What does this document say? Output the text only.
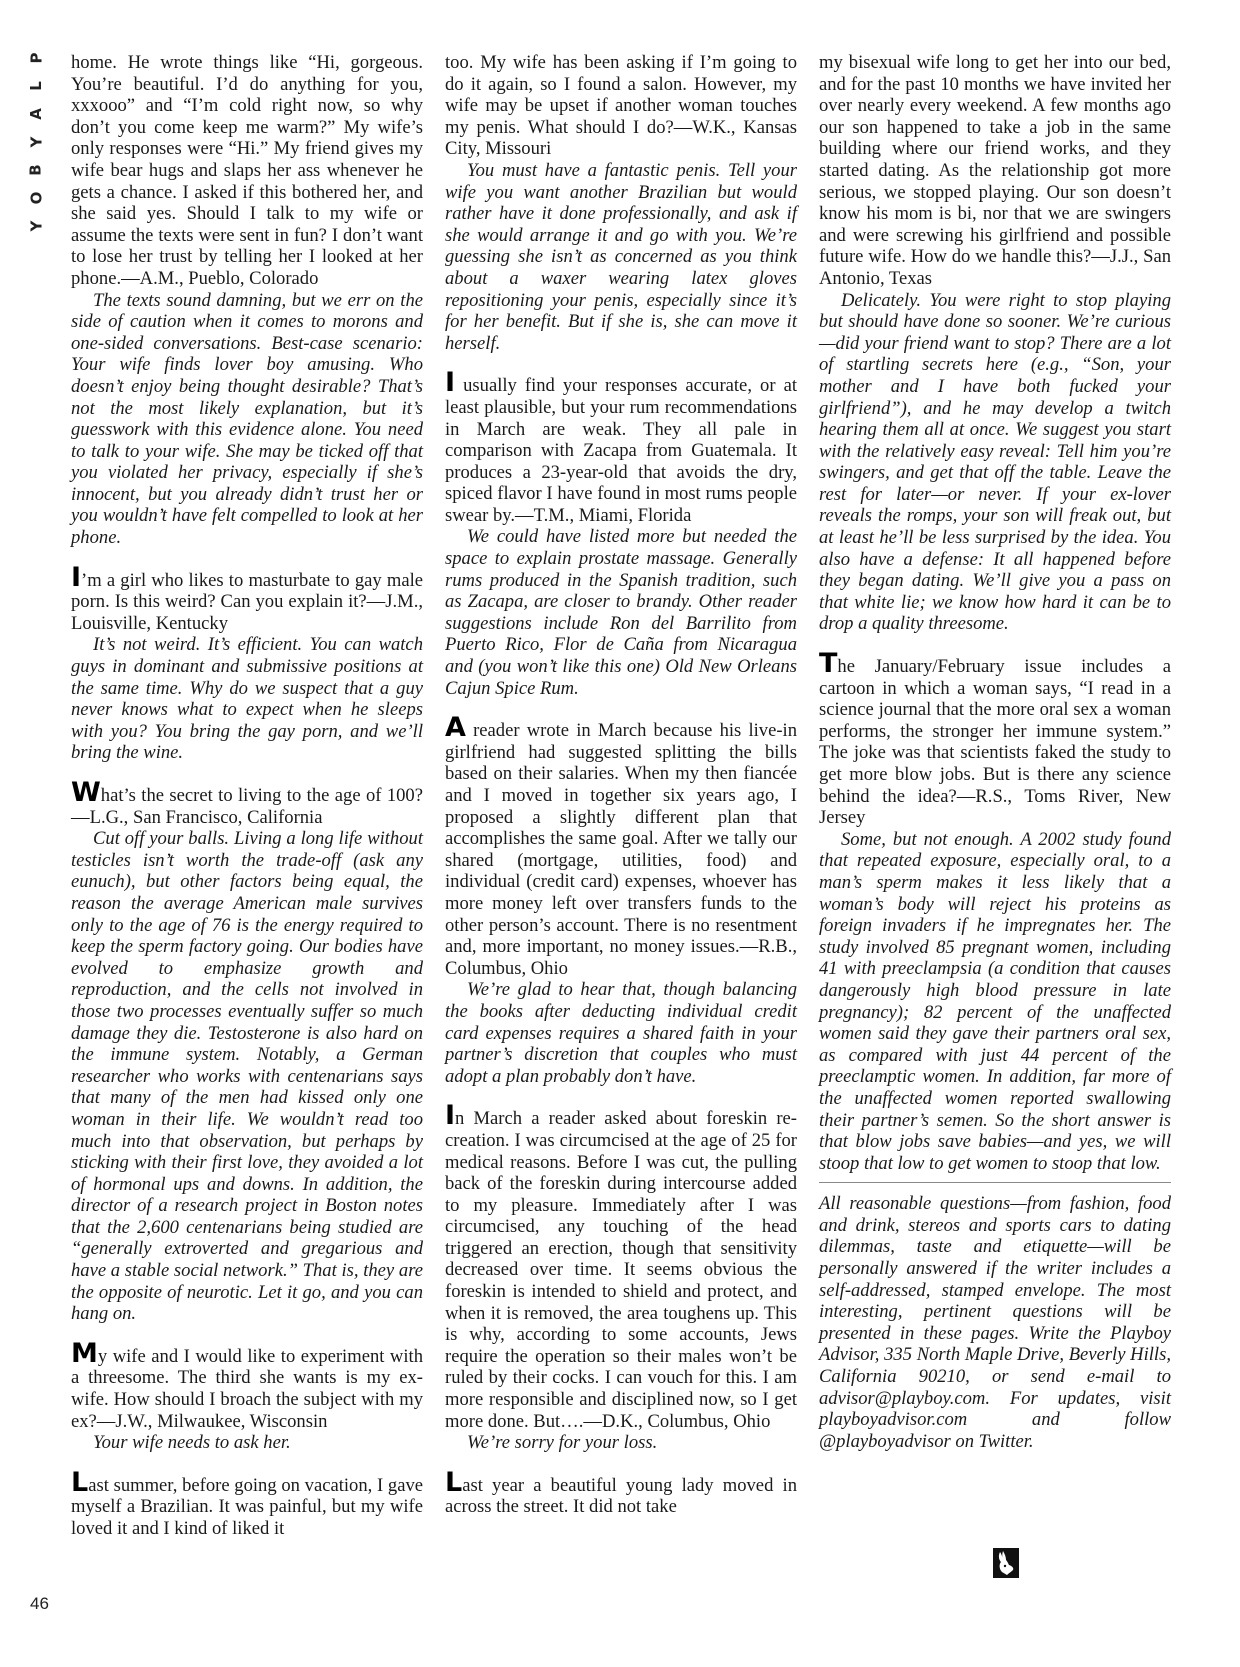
P
L
A
Y
B
O
Y

home. He wrote things like “Hi, gorgeous. You’re beautiful. I’d do anything for you, xxxooo” and “I’m cold right now, so why don’t you come keep me warm?” My wife’s only responses were “Hi.” My friend gives my wife bear hugs and slaps her ass whenever he gets a chance. I asked if this bothered her, and she said yes. Should I talk to my wife or assume the texts were sent in fun? I don’t want to lose her trust by telling her I looked at her phone.—A.M., Pueblo, Colorado

The texts sound damning, but we err on the side of caution when it comes to morons and one-sided conversations. Best-case scenario: Your wife finds lover boy amusing. Who doesn’t enjoy being thought desirable? That’s not the most likely explanation, but it’s guesswork with this evidence alone. You need to talk to your wife. She may be ticked off that you violated her privacy, especially if she’s innocent, but you already didn’t trust her or you wouldn’t have felt compelled to look at her phone.

I’m a girl who likes to masturbate to gay male porn. Is this weird? Can you explain it?—J.M., Louisville, Kentucky

It’s not weird. It’s efficient. You can watch guys in dominant and submissive positions at the same time. Why do we suspect that a guy never knows what to expect when he sleeps with you? You bring the gay porn, and we’ll bring the wine.

What’s the secret to living to the age of 100?—L.G., San Francisco, California

Cut off your balls. Living a long life without testicles isn’t worth the trade-off (ask any eunuch), but other factors being equal, the reason the average American male survives only to the age of 76 is the energy required to keep the sperm factory going. Our bodies have evolved to emphasize growth and reproduction, and the cells not involved in those two processes eventually suffer so much damage they die. Testosterone is also hard on the immune system. Notably, a German researcher who works with centenarians says that many of the men had kissed only one woman in their life. We wouldn’t read too much into that observation, but perhaps by sticking with their first love, they avoided a lot of hormonal ups and downs. In addition, the director of a research project in Boston notes that the 2,600 centenarians being studied are “generally extroverted and gregarious and have a stable social network.” That is, they are the opposite of neurotic. Let it go, and you can hang on.

My wife and I would like to experiment with a threesome. The third she wants is my ex-wife. How should I broach the subject with my ex?—J.W., Milwaukee, Wisconsin

Your wife needs to ask her.

Last summer, before going on vacation, I gave myself a Brazilian. It was painful, but my wife loved it and I kind of liked it

too. My wife has been asking if I’m going to do it again, so I found a salon. However, my wife may be upset if another woman touches my penis. What should I do?—W.K., Kansas City, Missouri

You must have a fantastic penis. Tell your wife you want another Brazilian but would rather have it done professionally, and ask if she would arrange it and go with you. We’re guessing she isn’t as concerned as you think about a waxer wearing latex gloves repositioning your penis, especially since it’s for her benefit. But if she is, she can move it herself.

I usually find your responses accurate, or at least plausible, but your rum recommendations in March are weak. They all pale in comparison with Zacapa from Guatemala. It produces a 23-year-old that avoids the dry, spiced flavor I have found in most rums people swear by.—T.M., Miami, Florida

We could have listed more but needed the space to explain prostate massage. Generally rums produced in the Spanish tradition, such as Zacapa, are closer to brandy. Other reader suggestions include Ron del Barrilito from Puerto Rico, Flor de Caña from Nicaragua and (you won’t like this one) Old New Orleans Cajun Spice Rum.

A reader wrote in March because his live-in girlfriend had suggested splitting the bills based on their salaries. When my then fiancée and I moved in together six years ago, I proposed a slightly different plan that accomplishes the same goal. After we tally our shared (mortgage, utilities, food) and individual (credit card) expenses, whoever has more money left over transfers funds to the other person’s account. There is no resentment and, more important, no money issues.—R.B., Columbus, Ohio

We’re glad to hear that, though balancing the books after deducting individual credit card expenses requires a shared faith in your partner’s discretion that couples who must adopt a plan probably don’t have.

In March a reader asked about foreskin re-creation. I was circumcised at the age of 25 for medical reasons. Before I was cut, the pulling back of the foreskin during intercourse added to my pleasure. Immediately after I was circumcised, any touching of the head triggered an erection, though that sensitivity decreased over time. It seems obvious the foreskin is intended to shield and protect, and when it is removed, the area toughens up. This is why, according to some accounts, Jews require the operation so their males won’t be ruled by their cocks. I can vouch for this. I am more responsible and disciplined now, so I get more done. But….—D.K., Columbus, Ohio

We’re sorry for your loss.

Last year a beautiful young lady moved in across the street. It did not take

my bisexual wife long to get her into our bed, and for the past 10 months we have invited her over nearly every weekend. A few months ago our son happened to take a job in the same building where our friend works, and they started dating. As the relationship got more serious, we stopped playing. Our son doesn’t know his mom is bi, nor that we are swingers and were screwing his girlfriend and possible future wife. How do we handle this?—J.J., San Antonio, Texas

Delicately. You were right to stop playing but should have done so sooner. We’re curious—did your friend want to stop? There are a lot of startling secrets here (e.g., “Son, your mother and I have both fucked your girlfriend”), and he may develop a twitch hearing them all at once. We suggest you start with the relatively easy reveal: Tell him you’re swingers, and get that off the table. Leave the rest for later—or never. If your ex-lover reveals the romps, your son will freak out, but at least he’ll be less surprised by the idea. You also have a defense: It all happened before they began dating. We’ll give you a pass on that white lie; we know how hard it can be to drop a quality threesome.

The January/February issue includes a cartoon in which a woman says, “I read in a science journal that the more oral sex a woman performs, the stronger her immune system.” The joke was that scientists faked the study to get more blow jobs. But is there any science behind the idea?—R.S., Toms River, New Jersey

Some, but not enough. A 2002 study found that repeated exposure, especially oral, to a man’s sperm makes it less likely that a woman’s body will reject his proteins as foreign invaders if he impregnates her. The study involved 85 pregnant women, including 41 with preeclampsia (a condition that causes dangerously high blood pressure in late pregnancy); 82 percent of the unaffected women said they gave their partners oral sex, as compared with just 44 percent of the preeclamptic women. In addition, far more of the unaffected women reported swallowing their partner’s semen. So the short answer is that blow jobs save babies—and yes, we will stoop that low to get women to stoop that low.

All reasonable questions—from fashion, food and drink, stereos and sports cars to dating dilemmas, taste and etiquette—will be personally answered if the writer includes a self-addressed, stamped envelope. The most interesting, pertinent questions will be presented in these pages. Write the Playboy Advisor, 335 North Maple Drive, Beverly Hills, California 90210, or send e-mail to advisor@playboy.com. For updates, visit playboyadvisor.com and follow @playboyadvisor on Twitter.

46
